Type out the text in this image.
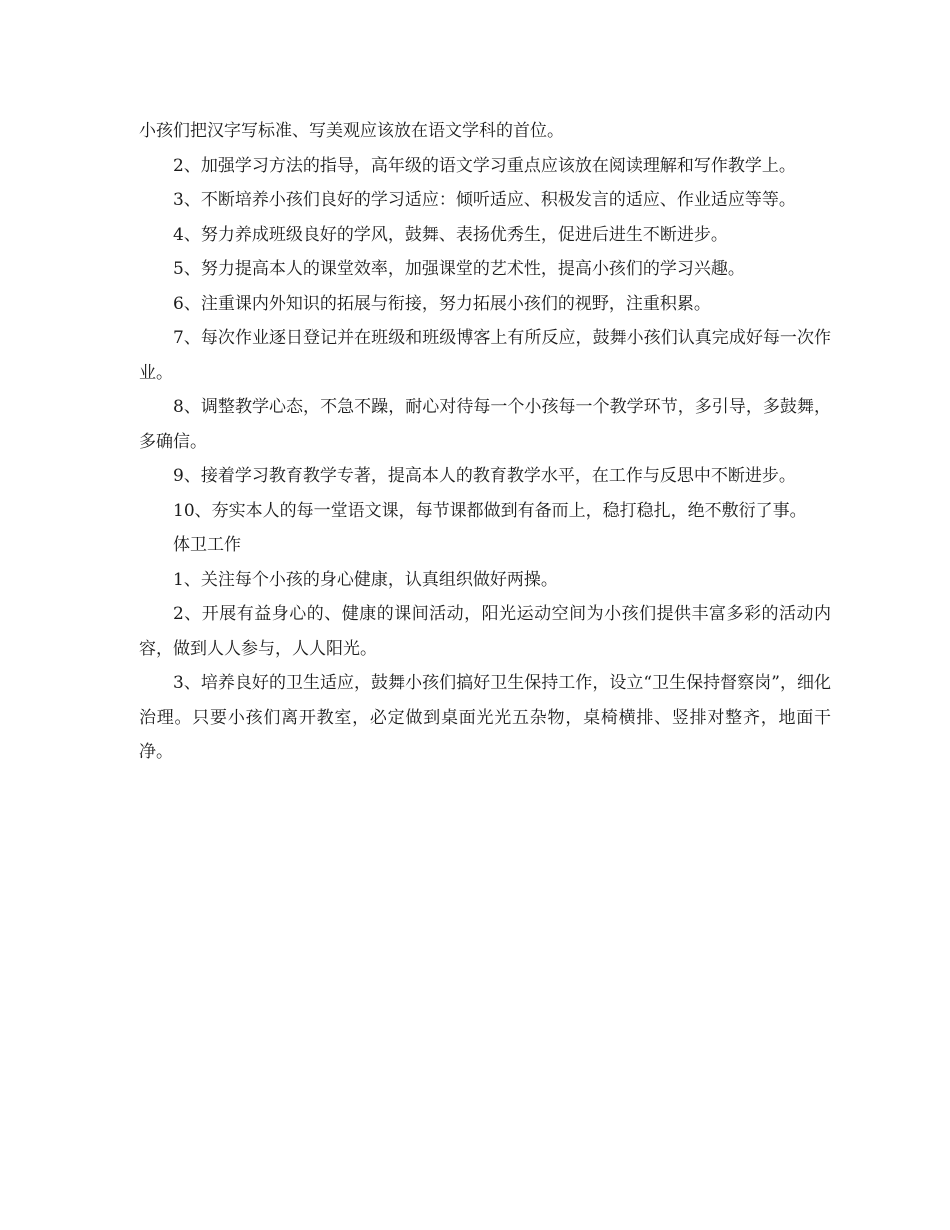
小孩们把汉字写标准、写美观应该放在语文学科的首位。

2、加强学习方法的指导，高年级的语文学习重点应该放在阅读理解和写作教学上。

3、不断培养小孩们良好的学习适应：倾听适应、积极发言的适应、作业适应等等。

4、努力养成班级良好的学风，鼓舞、表扬优秀生，促进后进生不断进步。

5、努力提高本人的课堂效率，加强课堂的艺术性，提高小孩们的学习兴趣。

6、注重课内外知识的拓展与衔接，努力拓展小孩们的视野，注重积累。

7、每次作业逐日登记并在班级和班级博客上有所反应，鼓舞小孩们认真完成好每一次作业。

8、调整教学心态，不急不躁，耐心对待每一个小孩每一个教学环节，多引导，多鼓舞，多确信。

9、接着学习教育教学专著，提高本人的教育教学水平，在工作与反思中不断进步。

10、夯实本人的每一堂语文课，每节课都做到有备而上，稳打稳扎，绝不敷衍了事。

体卫工作

1、关注每个小孩的身心健康，认真组织做好两操。

2、开展有益身心的、健康的课间活动，阳光运动空间为小孩们提供丰富多彩的活动内容，做到人人参与，人人阳光。

3、培养良好的卫生适应，鼓舞小孩们搞好卫生保持工作，设立“卫生保持督察岗”，细化治理。只要小孩们离开教室，必定做到桌面光光五杂物，桌椅横排、竖排对整齐，地面干净。
